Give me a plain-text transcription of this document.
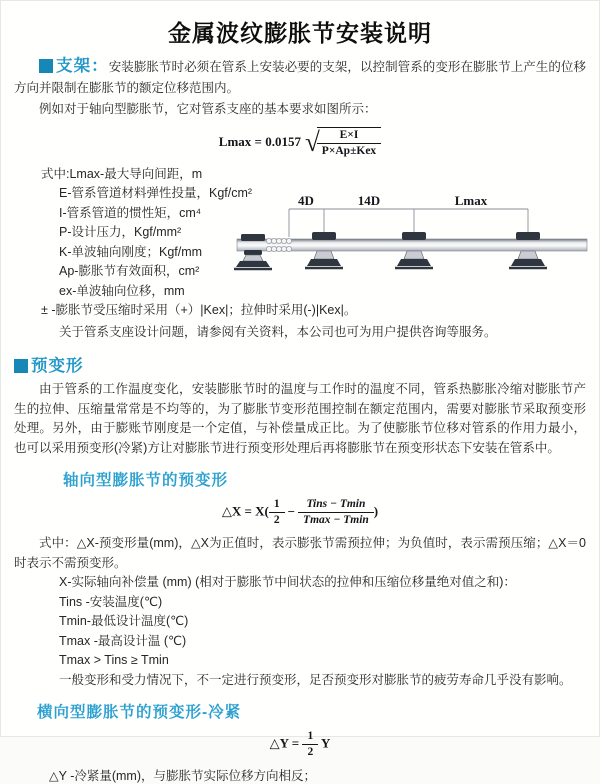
金属波纹膨胀节安装说明

支架：安装膨胀节时必须在管系上安装必要的支架，以控制管系的变形在膨胀节上产生的位移方向并限制在膨胀节的额定位移范围内。

例如对于轴向型膨胀节，它对管系支座的基本要求如图所示：

Lmax = 0.0157 √
$\frac{E\times I}{\text{P×Ap±Kex}}$
式中:Lmax-最大导向间距，m
E-管系管道材料弹性投量，Kgf/cm²
I-管系管道的惯性矩，cm⁴
P-设计压力，Kgf/mm²
K-单波轴向刚度；Kgf/mm
Ap-膨胀节有效面积，cm²
ex-单波轴向位移，mm
± -膨胀节受压缩时采用（+）|Kex|；拉伸时采用(-)|Kex|。
关于管系支座设计问题，请参阅有关资料，本公司也可为用户提供咨询等服务。
4D	14D	Lmax
预变形

由于管系的工作温度变化，安装膨胀节时的温度与工作时的温度不同，管系热膨胀冷缩对膨胀节产生的拉伸、压缩量常常是不均等的，为了膨胀节变形范围控制在额定范围内，需要对膨胀节采取预变形处理。另外，由于膨账节刚度是一个定值，与补偿量成正比。为了使膨胀节位移对管系的作用力最小，也可以采用预变形(冷紧)方让对膨胀节进行预变形处理后再将膨胀节在预变形状态下安装在管系中。

轴向型膨胀节的预变形
△X = $X( \frac{1}{2} - \frac{\text{Tins − Tmin}}{Tmax - Tmin}$ )
式中：△X-预变形量(mm)，△X为正值时，表示膨张节需预拉伸；为负值时，表示需预压缩；△X＝0时表示不需预变形。
X-实际轴向补偿量 (mm) (相对于膨胀节中间状态的拉伸和压缩位移量绝对值之和)：
Tins -安装温度(℃)
Tmin-最低设计温度(℃)
Tmax -最高设计温 (℃)
Tmax > Tins ≥ Tmin
一般变形和受力情况下，不一定进行预变形，足否预变形对膨胀节的疲劳寿命几乎没有影响。
横向型膨胀节的预变形-冷紧
△Y = $\frac{1}{2}$ Y
△Y -冷紧量(mm)，与膨胀节实际位移方向相反；
